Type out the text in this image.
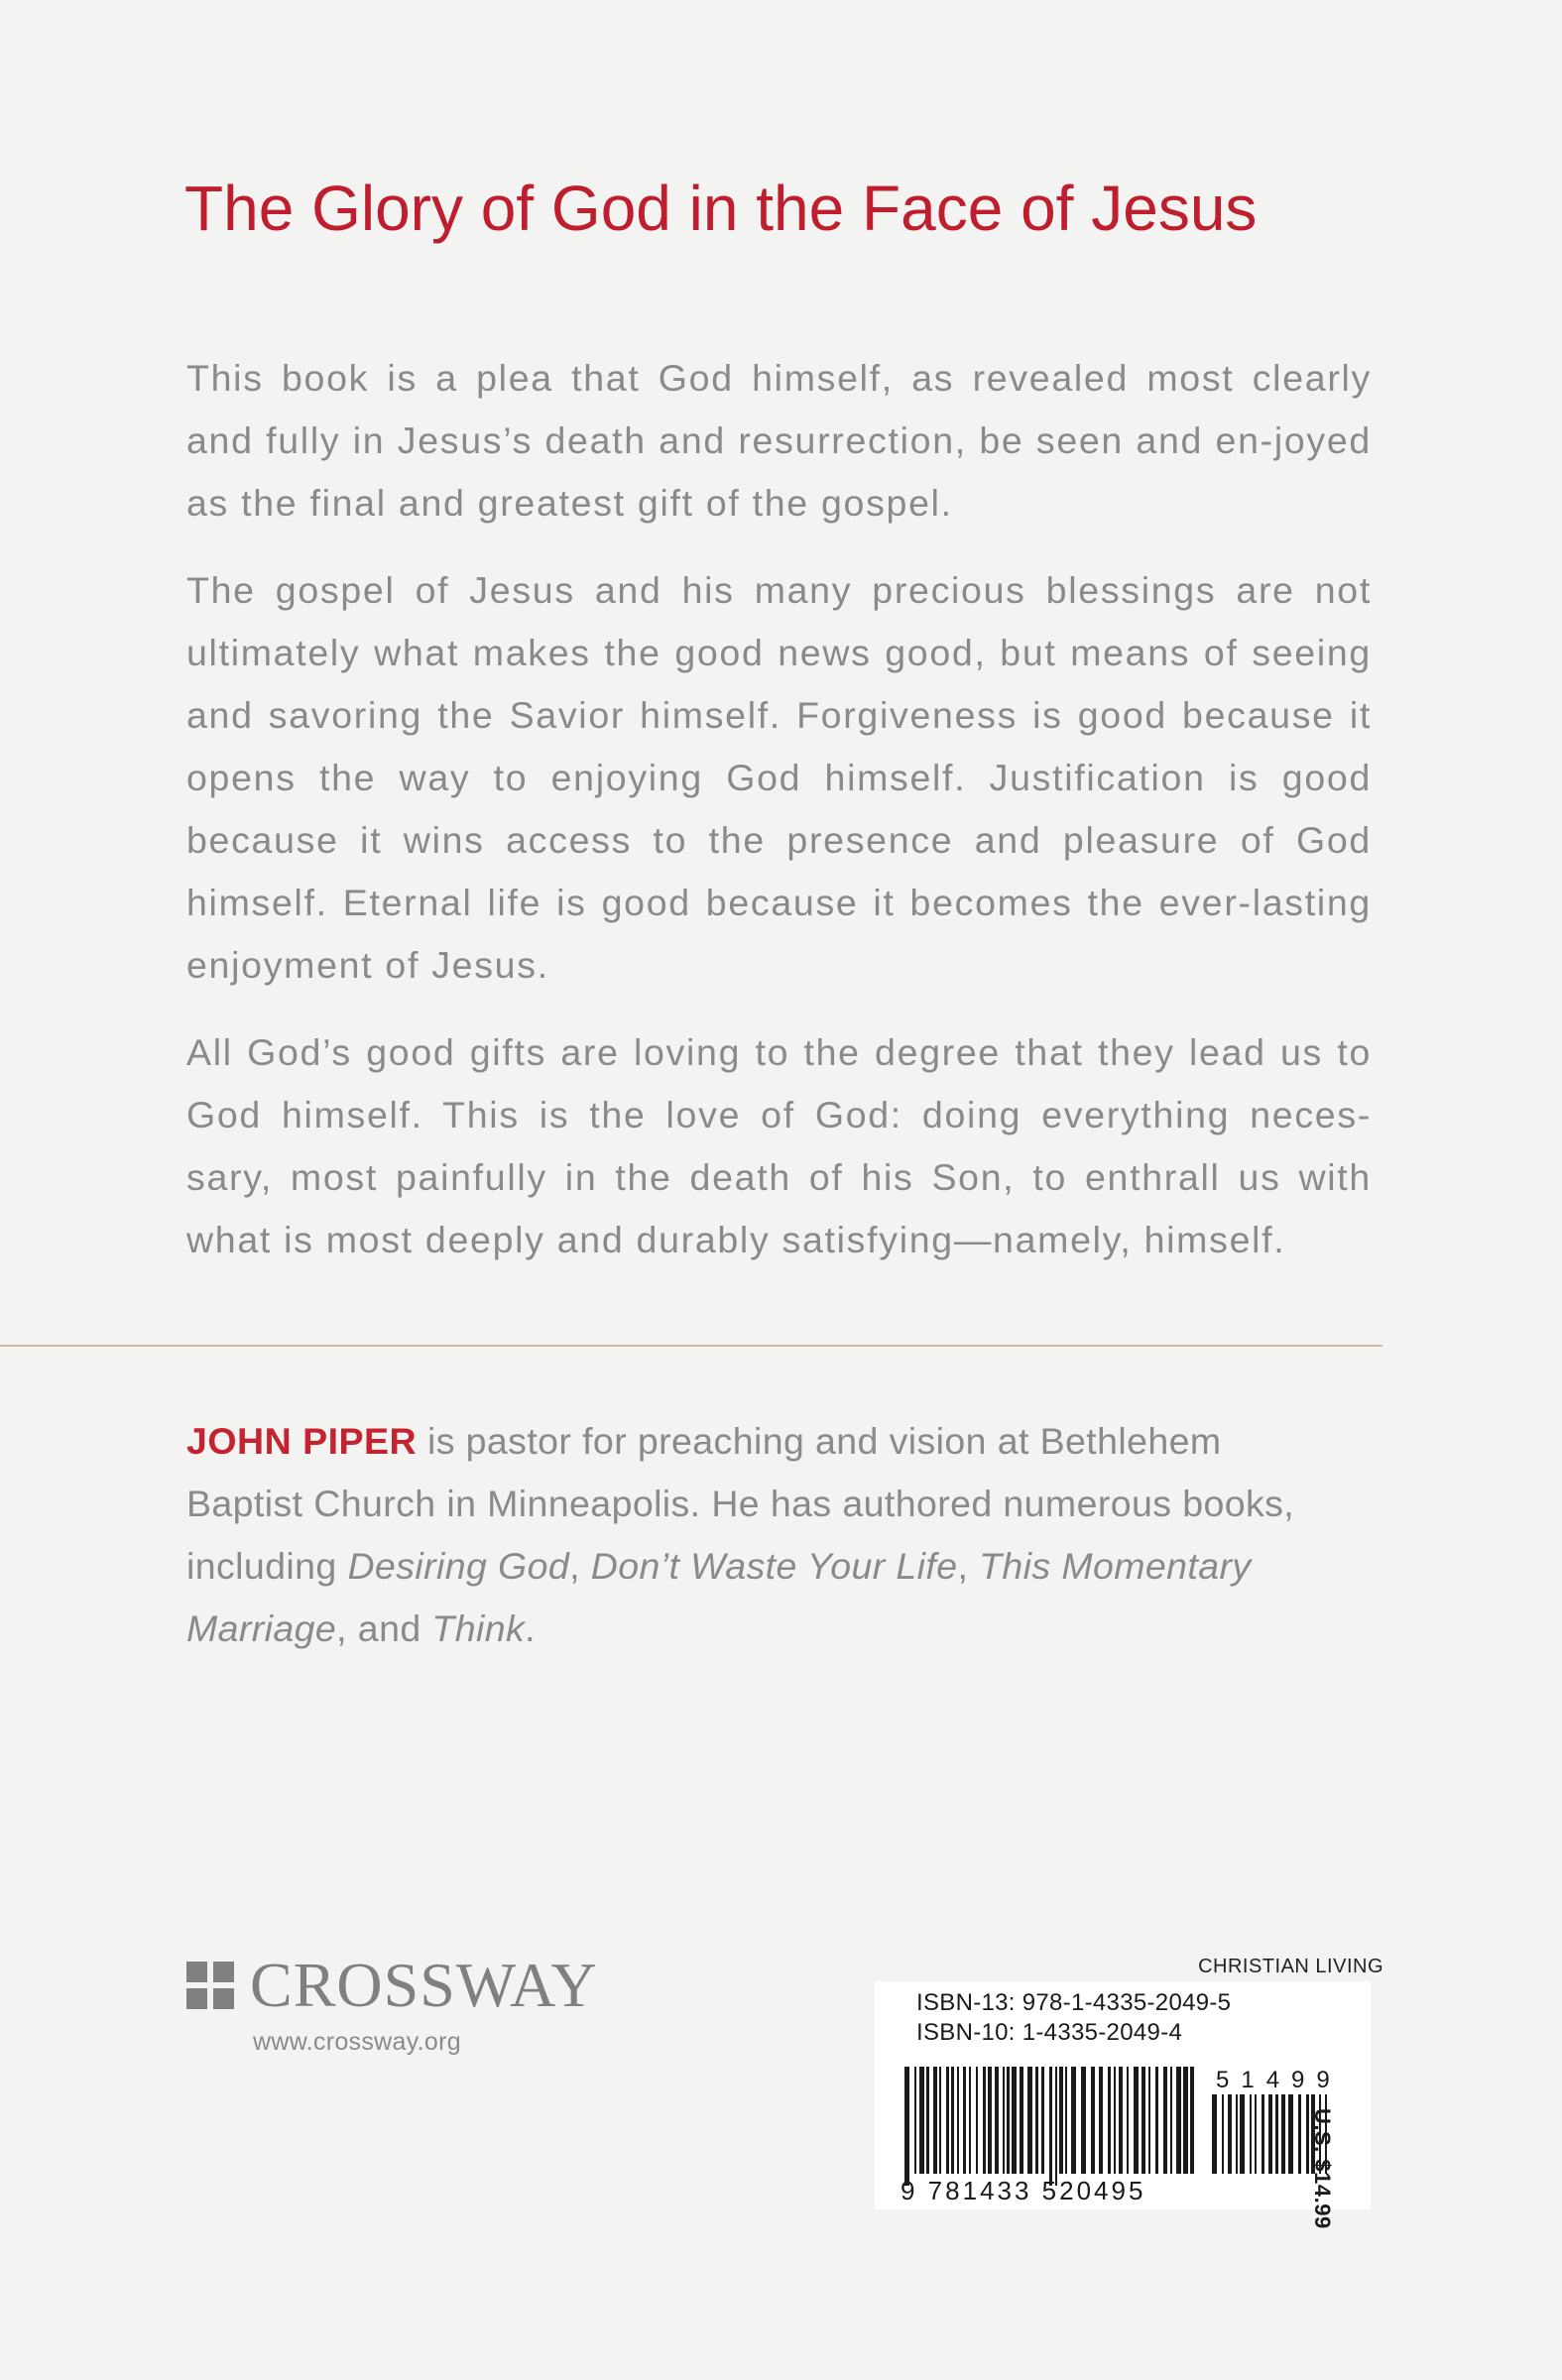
The Glory of God in the Face of Jesus

This book is a plea that God himself, as revealed most clearly and fully in Jesus’s death and resurrection, be seen and en-joyed as the final and greatest gift of the gospel.

The gospel of Jesus and his many precious blessings are not ultimately what makes the good news good, but means of seeing and savoring the Savior himself. Forgiveness is good because it opens the way to enjoying God himself. Justification is good because it wins access to the presence and pleasure of God himself. Eternal life is good because it becomes the ever-lasting enjoyment of Jesus.

All God’s good gifts are loving to the degree that they lead us to God himself. This is the love of God: doing everything neces-sary, most painfully in the death of his Son, to enthrall us with what is most deeply and durably satisfying—namely, himself.

JOHN PIPER is pastor for preaching and vision at Bethlehem Baptist Church in Minneapolis. He has authored numerous books, including Desiring God, Don’t Waste Your Life, This Momentary Marriage, and Think.

CROSSWAY
www.crossway.org
CHRISTIAN LIVING
ISBN-13: 978-1-4335-2049-5
ISBN-10: 1-4335-2049-4
9 781433 520495
51499
U.S. $14.99
